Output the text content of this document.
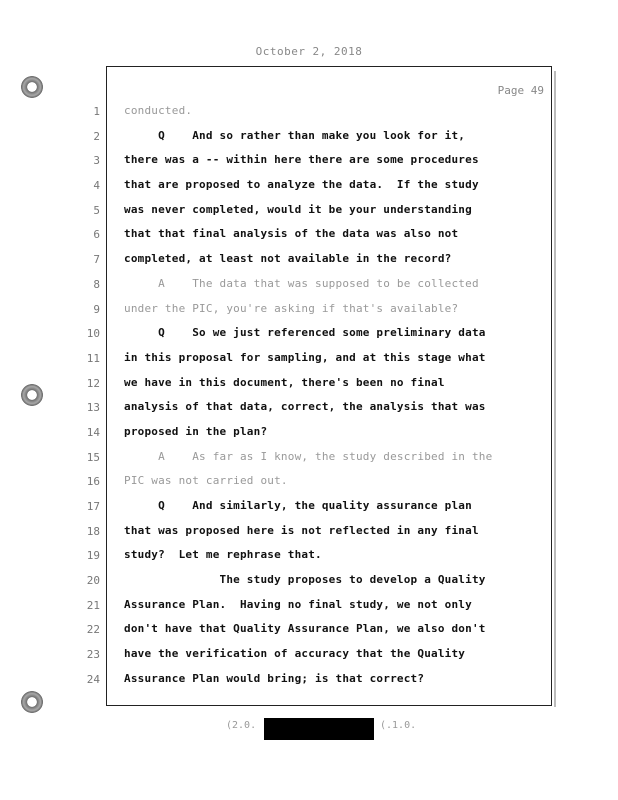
October 2, 2018
Page 49
1 conducted.
2 Q    And so rather than make you look for it,
3 there was a -- within here there are some procedures
4 that are proposed to analyze the data.  If the study
5 was never completed, would it be your understanding
6 that that final analysis of the data was also not
7 completed, at least not available in the record?
8 A    The data that was supposed to be collected
9 under the PIC, you're asking if that's available?
10 Q    So we just referenced some preliminary data
11 in this proposal for sampling, and at this stage what
12 we have in this document, there's been no final
13 analysis of that data, correct, the analysis that was
14 proposed in the plan?
15 A    As far as I know, the study described in the
16 PIC was not carried out.
17 Q    And similarly, the quality assurance plan
18 that was proposed here is not reflected in any final
19 study?  Let me rephrase that.
20 The study proposes to develop a Quality
21 Assurance Plan.  Having no final study, we not only
22 don't have that Quality Assurance Plan, we also don't
23 have the verification of accuracy that the Quality
24 Assurance Plan would bring; is that correct?
(2.0.	(.1.0.
